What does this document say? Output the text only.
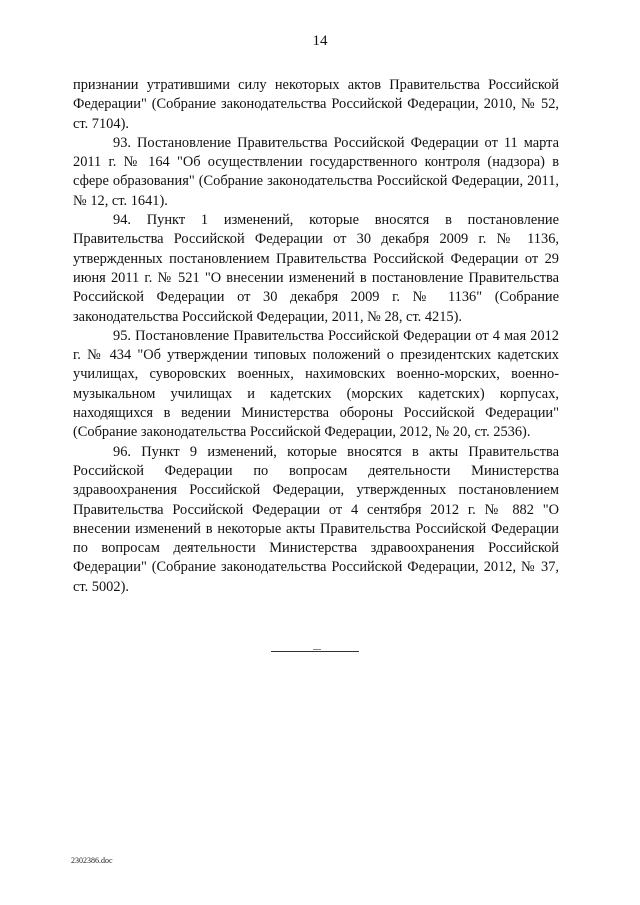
14

признании утратившими силу некоторых актов Правительства Российской Федерации" (Собрание законодательства Российской Федерации, 2010, № 52, ст. 7104).

93. Постановление Правительства Российской Федерации от 11 марта 2011 г. № 164 "Об осуществлении государственного контроля (надзора) в сфере образования" (Собрание законодательства Российской Федерации, 2011, № 12, ст. 1641).

94. Пункт 1 изменений, которые вносятся в постановление Правительства Российской Федерации от 30 декабря 2009 г. № 1136, утвержденных постановлением Правительства Российской Федерации от 29 июня 2011 г. № 521 "О внесении изменений в постановление Правительства Российской Федерации от 30 декабря 2009 г. № 1136" (Собрание законодательства Российской Федерации, 2011, № 28, ст. 4215).

95. Постановление Правительства Российской Федерации от 4 мая 2012 г. № 434 "Об утверждении типовых положений о президентских кадетских училищах, суворовских военных, нахимовских военно-морских, военно-музыкальном училищах и кадетских (морских кадетских) корпусах, находящихся в ведении Министерства обороны Российской Федерации" (Собрание законодательства Российской Федерации, 2012, № 20, ст. 2536).

96. Пункт 9 изменений, которые вносятся в акты Правительства Российской Федерации по вопросам деятельности Министерства здравоохранения Российской Федерации, утвержденных постановлением Правительства Российской Федерации от 4 сентября 2012 г. № 882 "О внесении изменений в некоторые акты Правительства Российской Федерации по вопросам деятельности Министерства здравоохранения Российской Федерации" (Собрание законодательства Российской Федерации, 2012, № 37, ст. 5002).

2302386.doc
